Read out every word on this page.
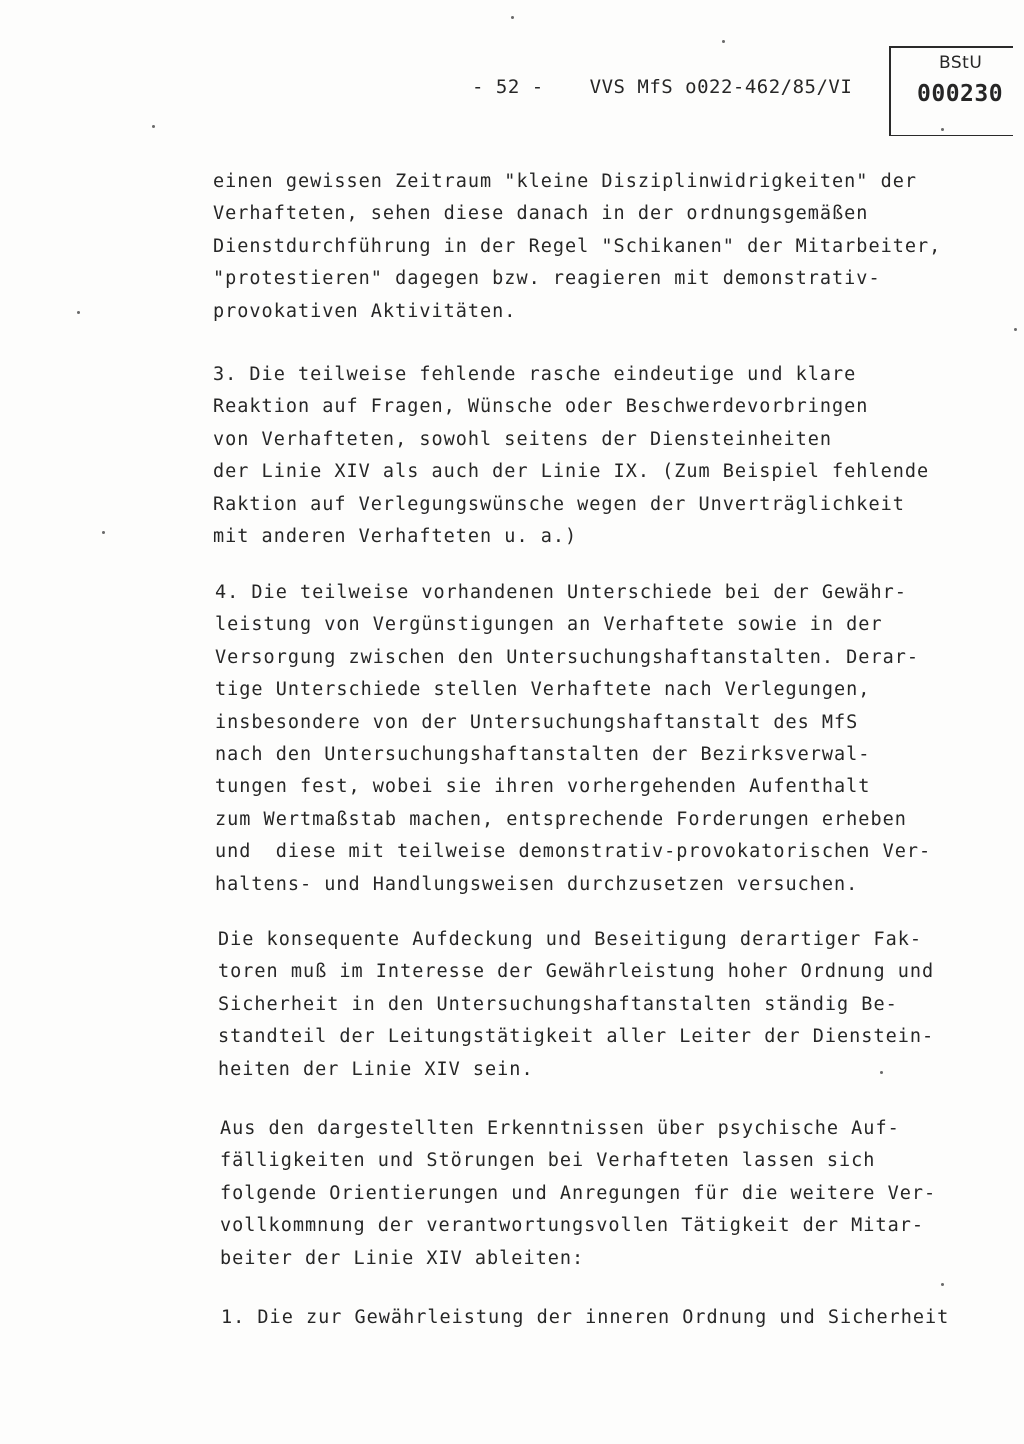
- 52 - VVS MfS o022-462/85/VI
BStU
000230
einen gewissen Zeitraum "kleine Disziplinwidrigkeiten" der
Verhafteten, sehen diese danach in der ordnungsgemäßen
Dienstdurchführung in der Regel "Schikanen" der Mitarbeiter,
"protestieren" dagegen bzw. reagieren mit demonstrativ-
provokativen Aktivitäten.
3. Die teilweise fehlende rasche eindeutige und klare
Reaktion auf Fragen, Wünsche oder Beschwerdevorbringen
von Verhafteten, sowohl seitens der Diensteinheiten
der Linie XIV als auch der Linie IX. (Zum Beispiel fehlende
Raktion auf Verlegungswünsche wegen der Unverträglichkeit
mit anderen Verhafteten u. a.)
4. Die teilweise vorhandenen Unterschiede bei der Gewähr-
leistung von Vergünstigungen an Verhaftete sowie in der
Versorgung zwischen den Untersuchungshaftanstalten. Derar-
tige Unterschiede stellen Verhaftete nach Verlegungen,
insbesondere von der Untersuchungshaftanstalt des MfS
nach den Untersuchungshaftanstalten der Bezirksverwal-
tungen fest, wobei sie ihren vorhergehenden Aufenthalt
zum Wertmaßstab machen, entsprechende Forderungen erheben
und  diese mit teilweise demonstrativ-provokatorischen Ver-
haltens- und Handlungsweisen durchzusetzen versuchen.
Die konsequente Aufdeckung und Beseitigung derartiger Fak-
toren muß im Interesse der Gewährleistung hoher Ordnung und
Sicherheit in den Untersuchungshaftanstalten ständig Be-
standteil der Leitungstätigkeit aller Leiter der Dienstein-
heiten der Linie XIV sein.
Aus den dargestellten Erkenntnissen über psychische Auf-
fälligkeiten und Störungen bei Verhafteten lassen sich
folgende Orientierungen und Anregungen für die weitere Ver-
vollkommnung der verantwortungsvollen Tätigkeit der Mitar-
beiter der Linie XIV ableiten:
1. Die zur Gewährleistung der inneren Ordnung und Sicherheit
